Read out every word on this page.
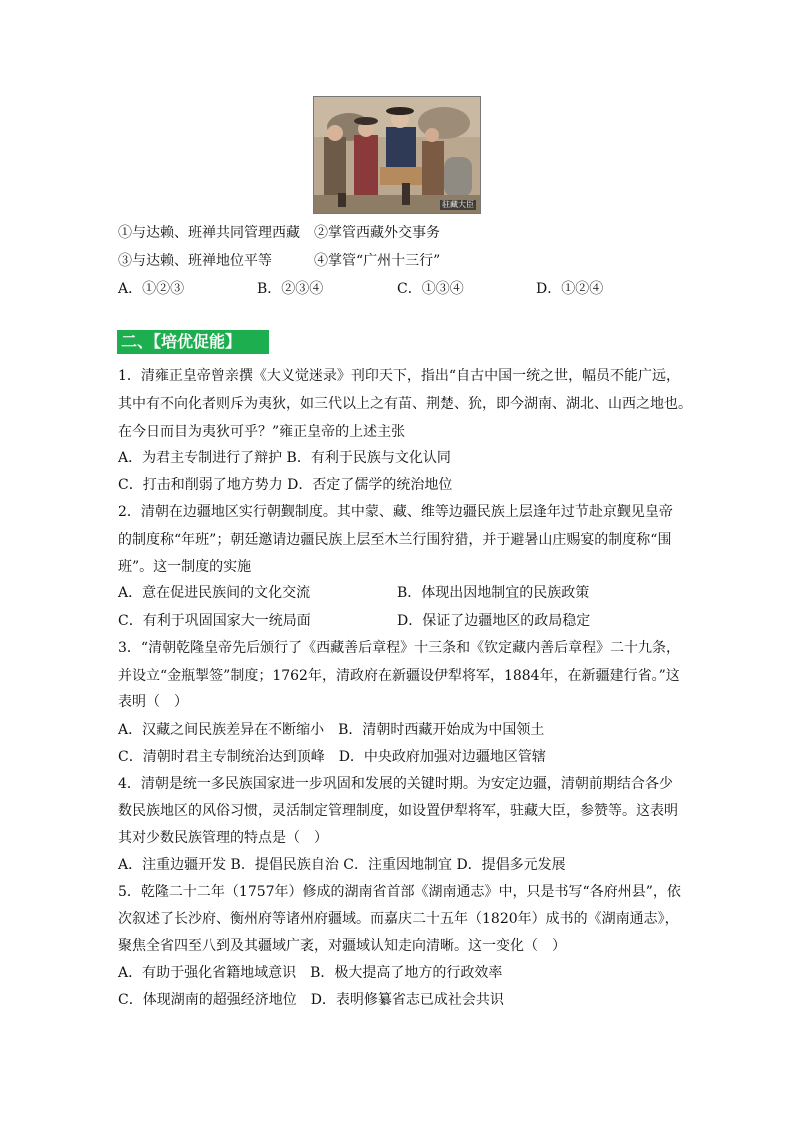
驻藏大臣
①与达赖、班禅共同管理西藏　②掌管西藏外交事务
③与达赖、班禅地位平等　　　④掌管“广州十三行”
A．①②③	B．②③④	C．①③④	D．①②④
二、【培优促能】
1．清雍正皇帝曾亲撰《大义觉迷录》刊印天下，指出“自古中国一统之世，幅员不能广远，
其中有不向化者则斥为夷狄，如三代以上之有苗、荆楚、狁，即今湖南、湖北、山西之地也。
在今日而目为夷狄可乎？”雍正皇帝的上述主张
A．为君主专制进行了辩护 B．有利于民族与文化认同
C．打击和削弱了地方势力 D．否定了儒学的统治地位
2．清朝在边疆地区实行朝觐制度。其中蒙、藏、维等边疆民族上层逢年过节赴京觐见皇帝
的制度称“年班”；朝廷邀请边疆民族上层至木兰行围狩猎，并于避暑山庄赐宴的制度称“围
班”。这一制度的实施
A．意在促进民族间的文化交流	B．体现出因地制宜的民族政策
C．有利于巩固国家大一统局面	D．保证了边疆地区的政局稳定
3．“清朝乾隆皇帝先后颁行了《西藏善后章程》十三条和《钦定藏内善后章程》二十九条，
并设立“金瓶掣签”制度；1762年，清政府在新疆设伊犁将军，1884年，在新疆建行省。”这
表明（　）
A．汉藏之间民族差异在不断缩小　B．清朝时西藏开始成为中国领土
C．清朝时君主专制统治达到顶峰　D．中央政府加强对边疆地区管辖
4．清朝是统一多民族国家进一步巩固和发展的关键时期。为安定边疆，清朝前期结合各少
数民族地区的风俗习惯，灵活制定管理制度，如设置伊犁将军，驻藏大臣，参赞等。这表明
其对少数民族管理的特点是（　）
A．注重边疆开发 B．提倡民族自治 C．注重因地制宜 D．提倡多元发展
5．乾隆二十二年（1757年）修成的湖南省首部《湖南通志》中，只是书写“各府州县”，依
次叙述了长沙府、衡州府等诸州府疆域。而嘉庆二十五年（1820年）成书的《湖南通志》，
聚焦全省四至八到及其疆域广袤，对疆域认知走向清晰。这一变化（　）
A．有助于强化省籍地域意识　B．极大提高了地方的行政效率
C．体现湖南的超强经济地位　D．表明修纂省志已成社会共识
